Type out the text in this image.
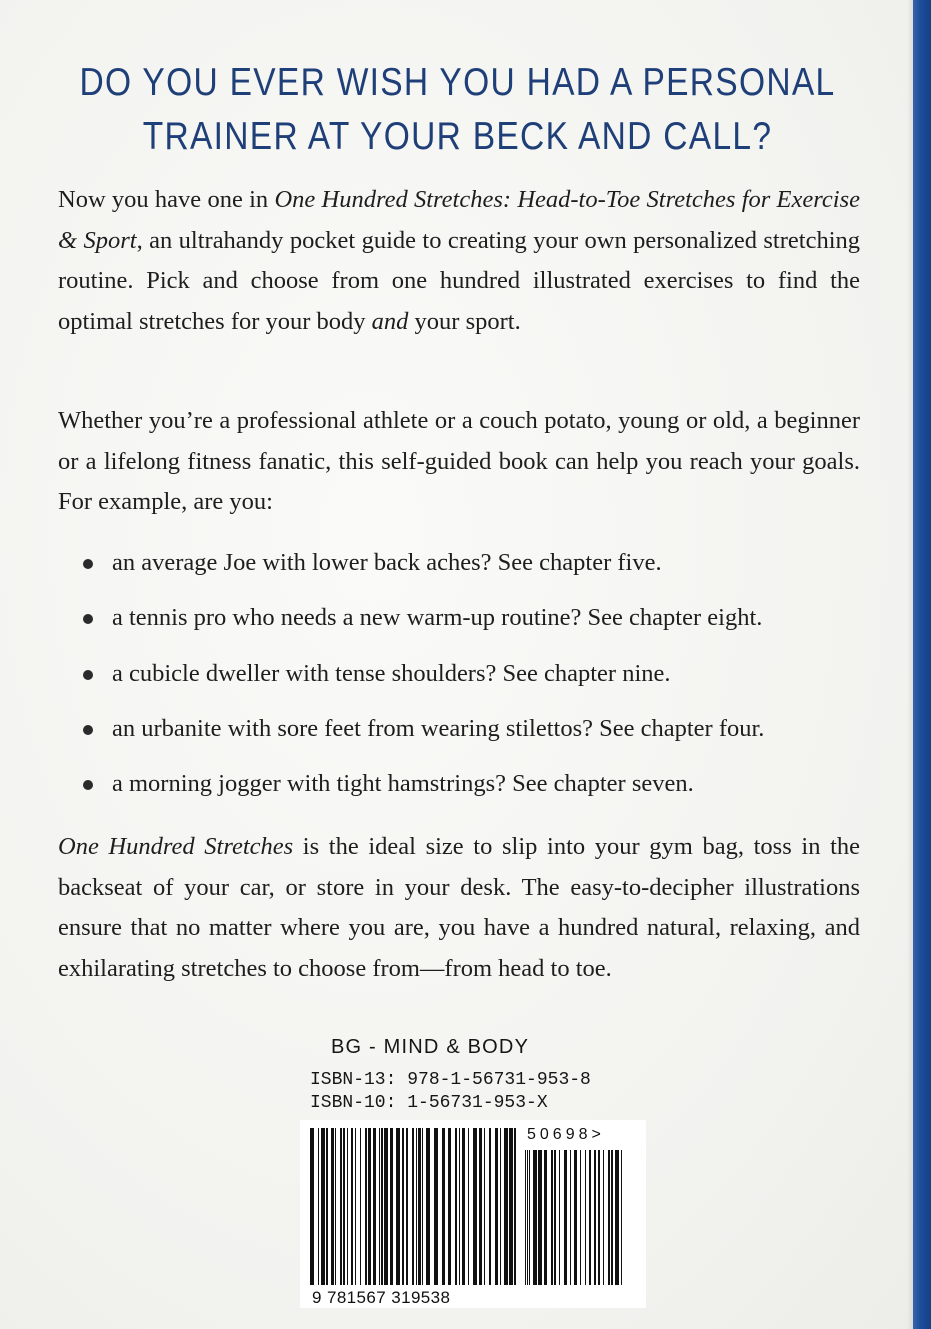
DO YOU EVER WISH YOU HAD A PERSONAL
TRAINER AT YOUR BECK AND CALL?
Now you have one in One Hundred Stretches: Head-to-Toe Stretches for Exercise & Sport, an ultrahandy pocket guide to creating your own personalized stretching routine. Pick and choose from one hundred illustrated exercises to find the optimal stretches for your body and your sport.
Whether you’re a professional athlete or a couch potato, young or old, a beginner or a lifelong fitness fanatic, this self-guided book can help you reach your goals. For example, are you:
an average Joe with lower back aches? See chapter five.
a tennis pro who needs a new warm-up routine? See chapter eight.
a cubicle dweller with tense shoulders? See chapter nine.
an urbanite with sore feet from wearing stilettos? See chapter four.
a morning jogger with tight hamstrings? See chapter seven.
One Hundred Stretches is the ideal size to slip into your gym bag, toss in the backseat of your car, or store in your desk. The easy-to-decipher illustrations ensure that no matter where you are, you have a hundred natural, relaxing, and exhilarating stretches to choose from—from head to toe.
BG - MIND & BODY
ISBN-13: 978-1-56731-953-8
ISBN-10: 1-56731-953-X
9 781567 319538
50698>
